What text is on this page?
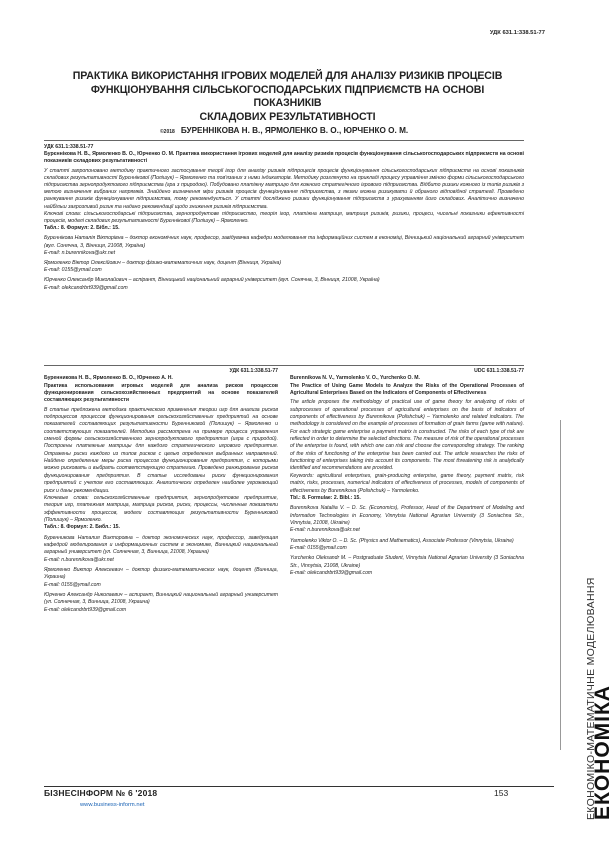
УДК 631.1:338.51-77
ПРАКТИКА ВИКОРИСТАННЯ ІГРОВИХ МОДЕЛЕЙ ДЛЯ АНАЛІЗУ РИЗИКІВ ПРОЦЕСІВ
ФУНКЦІОНУВАННЯ СІЛЬСЬКОГОСПОДАРСЬКИХ ПІДПРИЄМСТВ НА ОСНОВІ ПОКАЗНИКІВ
СКЛАДОВИХ РЕЗУЛЬТАТИВНОСТІ
©2018 БУРЕННІКОВА Н. В., ЯРМОЛЕНКО В. О., ЮРЧЕНКО О. М.

УДК 631.1:338.51-77

Бурєннікова Н. В., Ярмоленко В. О., Юрченко О. М. Практика використання ігрових моделей для аналізу ризиків процесів функціонування сільськогосподарських підприємств на основі показників складових результативності

У статті запропоновано методику практичного застосування теорії ігор для аналізу ризиків підпроцесів процесів функціонування сільськогосподарських підприємств на основі показників складових результативності Бурєннікової (Полішук) – Ярмоленко та пов'язаних з ними індикаторів. Методику розглянуто на прикладі процесу управління зміною форми сільськогосподарського підприємства зернопродуктового підприємства (гра з природою). Побудовано платіжну матрицю для кожного стратегічного ігрового підприємства. Відбито ризики кожного із типів ризиків з метою визначення вибраних напрямків. Знайдено визначення міри ризиків процесів функціонування підприємства, з якими можна ризикувати й обраного відповідної стратегії. Проведено ранжування ризиків функціонування підприємства, тому рекомендується. У статті досліджено ризики функціонування підприємств з урахуванням його складових. Аналітично визначено найбільш загрозливий ризик та надано рекомендації щодо зниження ризиків підприємства.

Ключові слова: сільськогосподарські підприємства, зернопродуктове підприємство, теорія ігор, платіжна матриця, матриця ризиків, ризики, процеси, чисельні показники ефективності процесів, моделі складових результативності Бурєннікової (Полішук) – Ярмоленко.

Табл.: 8. Формул: 2. Бібл.: 15.

Бурєннікова Наталія Вікторівна – доктор економічних наук, професор, завідувачка кафедри моделювання та інформаційних систем в економіці, Вінницький національний аграрний університет (вул. Сонячна, 3, Вінниця, 21008, Україна)

E-mail: n.burennikova@ukr.net

Ярмоленко Віктор Олексійович – доктор фізико-математичних наук, доцент (Вінниця, Україна)

E-mail: 0155@ymail.com

Юрченко Олександр Миколайович – аспірант, Вінницький національний аграрний університет (вул. Сонячна, 3, Вінниця, 21008, Україна)

E-mail: olekcandrbrt939@gmail.com

УДК 631.1:338.51-77

Буренникова Н. В., Ярмоленко В. О., Юрченко А. Н.

Практика использования игровых моделей для анализа рисков процессов функционирования сельскохозяйственных предприятий на основе показателей составляющих результативности

В статье предложена методика практического применения теории игр для анализа рисков подпроцессов процессов функционирования сельскохозяйственных предприятий на основе показателей составляющих результативности Буренниковой (Полишук) – Ярмоленко и соответствующих показателей. Методика рассмотрена на примере процесса управления сменой формы сельскохозяйственного зернопродуктового предприятия (игра с природой). Построены платежные матрицы для каждого стратегического игрового предприятия. Отражены риски каждого из типов рисков с целью определения выбранных направлений. Найдено определение меры риска процессов функционирования предприятия, с которыми можно рисковать и выбрать соответствующую стратегию. Проведено ранжирование рисков функционирования предприятия. В статье исследованы риски функционирования предприятий с учетом его составляющих. Аналитически определен наиболее угрожающий риск и даны рекомендации.

Ключевые слова: сельскохозяйственные предприятия, зернопродуктовое предприятие, теория игр, платежная матрица, матрица рисков, риски, процессы, численные показатели эффективности процессов, модели составляющих результативности Буренниковой (Полишук) – Ярмоленко.

Табл.: 8. Формул: 2. Библ.: 15.

Буренникова Наталия Викторовна – доктор экономических наук, профессор, заведующая кафедрой моделирования и информационных систем в экономике, Винницкий национальный аграрный университет (ул. Солнечная, 3, Винница, 21008, Украина)

E-mail: n.burennikova@ukr.net

Ярмоленко Виктор Алексеевич – доктор физико-математических наук, доцент (Винница, Украина)

E-mail: 0155@ymail.com

Юрченко Александр Николаевич – аспирант, Винницкий национальный аграрный университет (ул. Солнечная, 3, Винница, 21008, Украина)

E-mail: olekcandrbrt939@gmail.com

UDC 631.1:338.51-77

Burennikova N. V., Yarmolenko V. O., Yurchenko O. M.

The Practice of Using Game Models to Analyze the Risks of the Operational Processes of Agricultural Enterprises Based on the Indicators of Components of Effectiveness

The article proposes the methodology of practical use of game theory for analyzing of risks of subprocesses of operational processes of agricultural enterprises on the basis of indicators of components of effectiveness by Burennikova (Polishchuk) – Yarmolenko and related indicators. The methodology is considered on the example of processes of formation of grain farms (game with nature). For each strategic game enterprise a payment matrix is constructed. The risks of each type of risk are reflected in order to determine the selected directions. The measure of risk of the operational processes of the enterprise is found, with which one can risk and choose the corresponding strategy. The ranking of the risks of functioning of the enterprise has been carried out. The article researches the risks of functioning of enterprises taking into account its components. The most threatening risk is analytically identified and recommendations are provided.

Keywords: agricultural enterprises, grain-producing enterprise, game theory, payment matrix, risk matrix, risks, processes, numerical indicators of effectiveness of processes, models of components of effectiveness by Burennikova (Polishchuk) – Yarmolenko.

Tbl.: 8. Formulae: 2. Bibl.: 15.

Burennikova Nataliia V. – D. Sc. (Economics), Professor, Head of the Department of Modeling and Information Technologies in Economy, Vinnytsia National Agrarian University (3 Soniachna Str., Vinnytsia, 21008, Ukraine)

E-mail: n.burennikova@ukr.net

Yarmolenko Viktor O. – D. Sc. (Physics and Mathematics), Associate Professor (Vinnytsia, Ukraine)

E-mail: 0155@ymail.com

Yurchenko Oleksandr M. – Postgraduate Student, Vinnytsia National Agrarian University (3 Soniachna Str., Vinnytsia, 21008, Ukraine)

E-mail: olekcandrbrt939@gmail.com

ЕКОНОМІКО-МАТЕМАТИЧНЕ МОДЕЛЮВАННЯ
ЕКОНОМІКА
БІЗНЕСІНФОРМ № 6 '2018
www.business-inform.net
153
